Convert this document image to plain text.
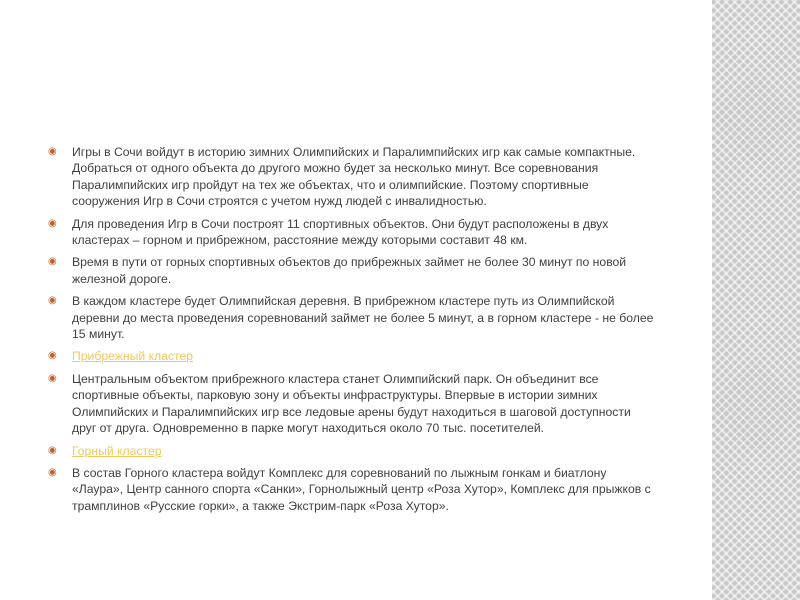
◉ Игры в Сочи войдут в историю зимних Олимпийских и Паралимпийских игр как самые компактные. Добраться от одного объекта до другого можно будет за несколько минут. Все соревнования Паралимпийских игр пройдут на тех же объектах, что и олимпийские. Поэтому спортивные сооружения Игр в Сочи строятся с учетом нужд людей с инвалидностью.
◉ Для проведения Игр в Сочи построят 11 спортивных объектов. Они будут расположены в двух кластерах – горном и прибрежном, расстояние между которыми составит 48 км.
◉ Время в пути от горных спортивных объектов до прибрежных займет не более 30 минут по новой железной дороге.
◉ В каждом кластере будет Олимпийская деревня. В прибрежном кластере путь из Олимпийской деревни до места проведения соревнований займет не более 5 минут, а в горном кластере - не более 15 минут.
◉ Прибрежный кластер
◉ Центральным объектом прибрежного кластера станет Олимпийский парк. Он объединит все спортивные объекты, парковую зону и объекты инфраструктуры. Впервые в истории зимних Олимпийских и Паралимпийских игр все ледовые арены будут находиться в шаговой доступности друг от друга. Одновременно в парке могут находиться около 70 тыс. посетителей.
◉ Горный кластер
◉ В состав Горного кластера войдут Комплекс для соревнований по лыжным гонкам и биатлону «Лаура», Центр санного спорта «Санки», Горнолыжный центр «Роза Хутор», Комплекс для прыжков с трамплинов «Русские горки», а также Экстрим-парк «Роза Хутор».
